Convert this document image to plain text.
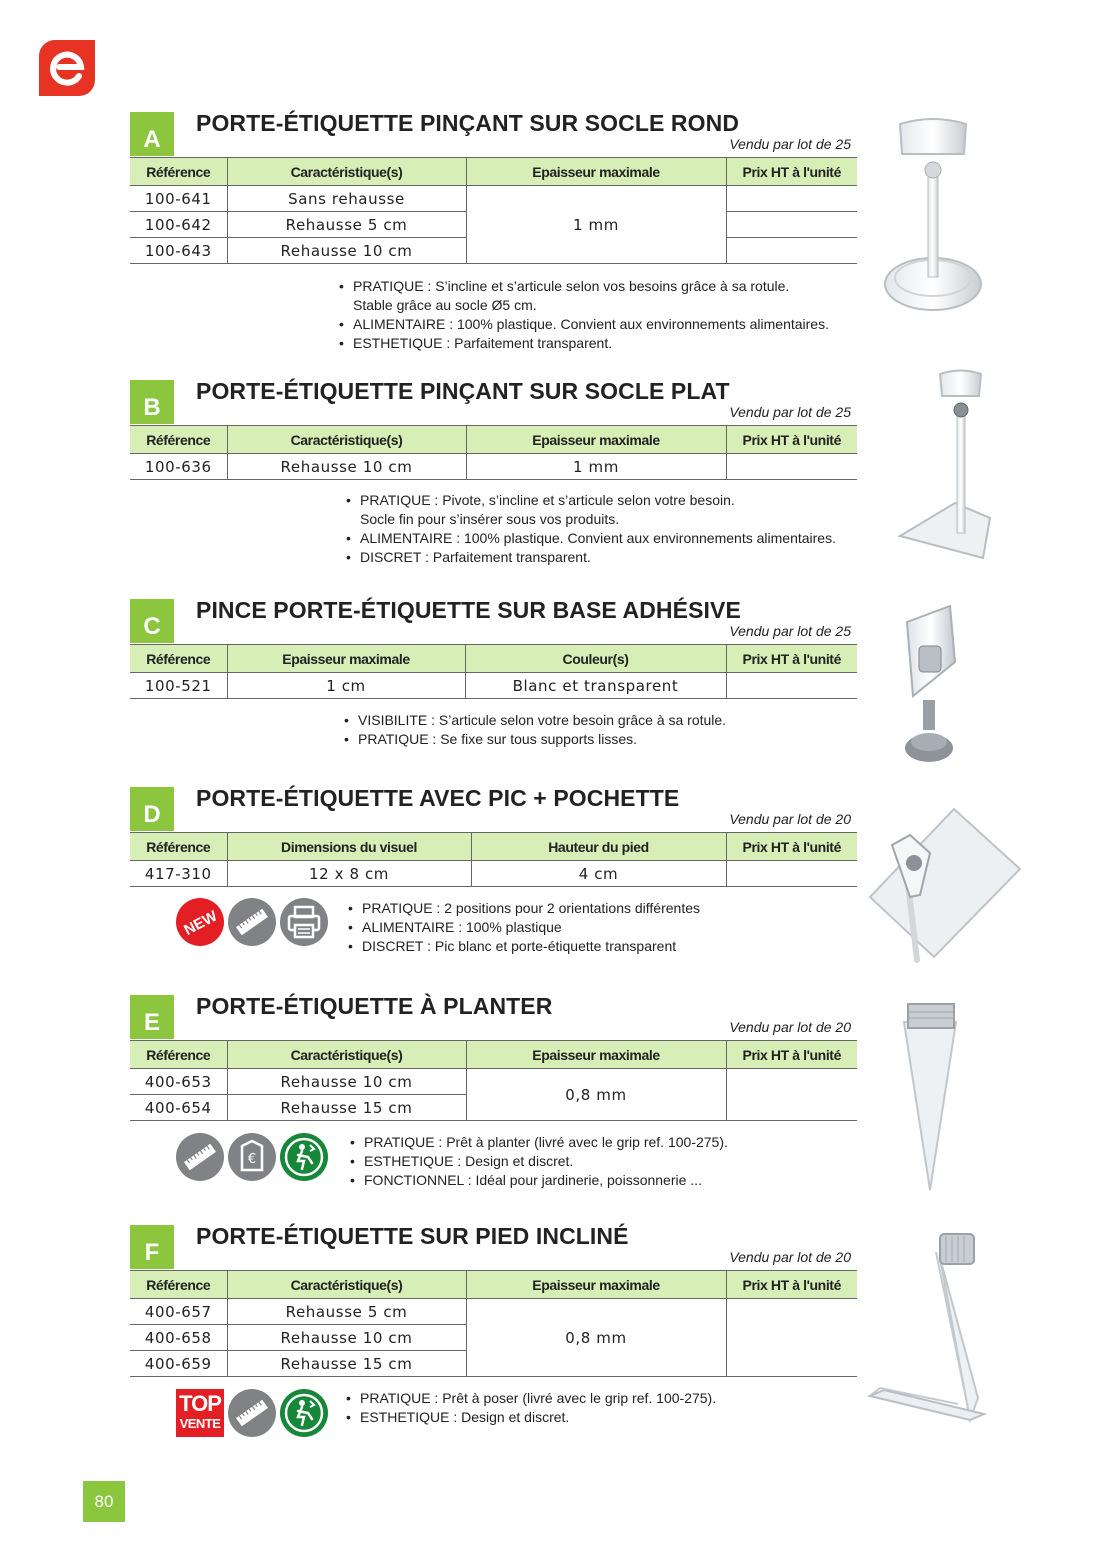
A
PORTE-ÉTIQUETTE PINÇANT SUR SOCLE ROND
Vendu par lot de 25
Référence	Caractéristique(s)	Epaisseur maximale	Prix HT à l'unité
100-641	Sans rehausse	1 mm	
100-642	Rehausse 5 cm		
100-643	Rehausse 10 cm		
• PRATIQUE : S’incline et s’articule selon vos besoins grâce à sa rotule.
Stable grâce au socle Ø5 cm.
• ALIMENTAIRE : 100% plastique. Convient aux environnements alimentaires.
• ESTHETIQUE : Parfaitement transparent.
B
PORTE-ÉTIQUETTE PINÇANT SUR SOCLE PLAT
Vendu par lot de 25
Référence	Caractéristique(s)	Epaisseur maximale	Prix HT à l'unité
100-636	Rehausse 10 cm	1 mm	
• PRATIQUE : Pivote, s’incline et s’articule selon votre besoin.
Socle fin pour s’insérer sous vos produits.
• ALIMENTAIRE : 100% plastique. Convient aux environnements alimentaires.
• DISCRET : Parfaitement transparent.
C
PINCE PORTE-ÉTIQUETTE SUR BASE ADHÉSIVE
Vendu par lot de 25
Référence	Epaisseur maximale	Couleur(s)	Prix HT à l'unité
100-521	1 cm	Blanc et transparent	
• VISIBILITE : S’articule selon votre besoin grâce à sa rotule.
• PRATIQUE : Se fixe sur tous supports lisses.
D
PORTE-ÉTIQUETTE AVEC PIC + POCHETTE
Vendu par lot de 20
Référence	Dimensions du visuel	Hauteur du pied	Prix HT à l'unité
417-310	12 x 8 cm	4 cm	
• PRATIQUE : 2 positions pour 2 orientations différentes
• ALIMENTAIRE : 100% plastique
• DISCRET : Pic blanc et porte-étiquette transparent
NEW
E
PORTE-ÉTIQUETTE À PLANTER
Vendu par lot de 20
Référence	Caractéristique(s)	Epaisseur maximale	Prix HT à l'unité
400-653	Rehausse 10 cm	0,8 mm	
400-654	Rehausse 15 cm		
• PRATIQUE : Prêt à planter (livré avec le grip ref. 100-275).
• ESTHETIQUE : Design et discret.
• FONCTIONNEL : Idéal pour jardinerie, poissonnerie ...
€
F
PORTE-ÉTIQUETTE SUR PIED INCLINÉ
Vendu par lot de 20
Référence	Caractéristique(s)	Epaisseur maximale	Prix HT à l'unité
400-657	Rehausse 5 cm	0,8 mm	
400-658	Rehausse 10 cm		
400-659	Rehausse 15 cm		
• PRATIQUE : Prêt à poser (livré avec le grip ref. 100-275).
• ESTHETIQUE : Design et discret.
TOP
VENTE
80
